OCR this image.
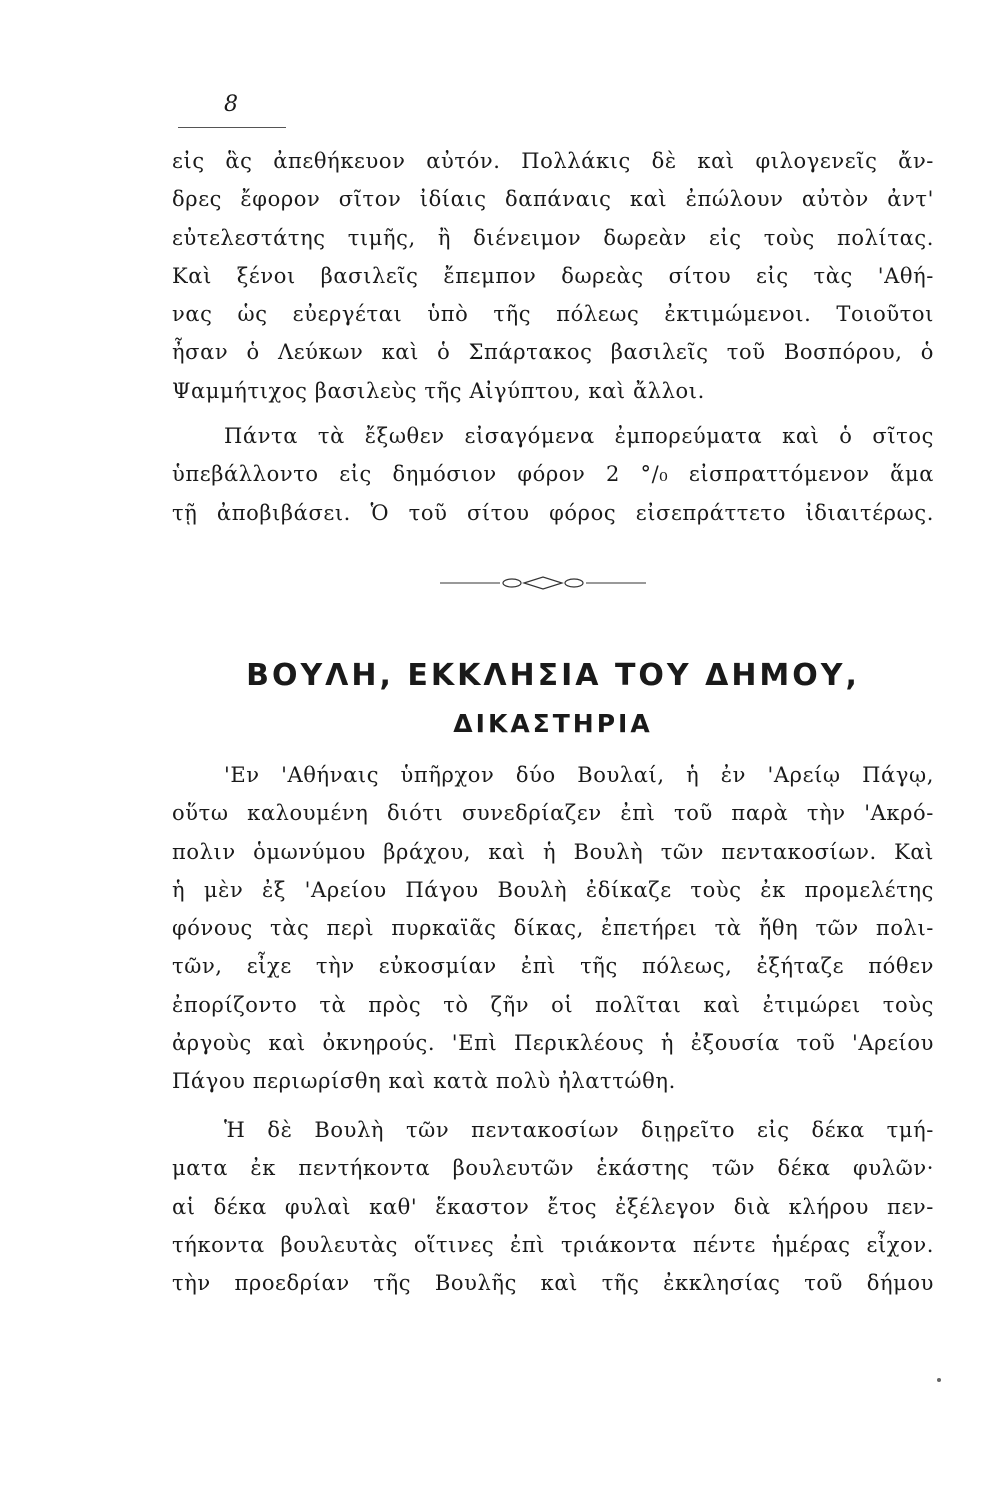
8
εἰς ἃς ἀπεθήκευον αὐτόν. Πολλάκις δὲ καὶ φιλογενεῖς ἄν-
δρες ἔφορον σῖτον ἰδίαις δαπάναις καὶ ἐπώλουν αὐτὸν ἀντ'
εὐτελεστάτης τιμῆς, ἢ διένειμον δωρεὰν εἰς τοὺς πολίτας.
Καὶ ξένοι βασιλεῖς ἔπεμπον δωρεὰς σίτου εἰς τὰς 'Αθή-
νας ὡς εὐεργέται ὑπὸ τῆς πόλεως ἐκτιμώμενοι. Τοιοῦτοι
ἦσαν ὁ Λεύκων καὶ ὁ Σπάρτακος βασιλεῖς τοῦ Βοσπόρου, ὁ
Ψαμμήτιχος βασιλεὺς τῆς Αἰγύπτου, καὶ ἄλλοι.
Πάντα τὰ ἔξωθεν εἰσαγόμενα ἐμπορεύματα καὶ ὁ σῖτος
ὑπεβάλλοντο εἰς δημόσιον φόρον 2 °/₀ εἰσπραττόμενον ἅμα
τῇ ἀποβιβάσει. Ὁ τοῦ σίτου φόρος εἰσεπράττετο ἰδιαιτέρως.
ΒΟΥΛΗ, ΕΚΚΛΗΣΙΑ ΤΟΥ ΔΗΜΟΥ,
ΔΙΚΑΣΤΗΡΙΑ
'Εν 'Αθήναις ὑπῆρχον δύο Βουλαί, ἡ ἐν 'Αρείῳ Πάγῳ,
οὕτω καλουμένη διότι συνεδρίαζεν ἐπὶ τοῦ παρὰ τὴν 'Ακρό-
πολιν ὁμωνύμου βράχου, καὶ ἡ Βουλὴ τῶν πεντακοσίων. Καὶ
ἡ μὲν ἐξ 'Αρείου Πάγου Βουλὴ ἐδίκαζε τοὺς ἐκ προμελέτης
φόνους τὰς περὶ πυρκαϊᾶς δίκας, ἐπετήρει τὰ ἤθη τῶν πολι-
τῶν, εἶχε τὴν εὐκοσμίαν ἐπὶ τῆς πόλεως, ἐξήταζε πόθεν
ἐπορίζοντο τὰ πρὸς τὸ ζῆν οἱ πολῖται καὶ ἐτιμώρει τοὺς
ἀργοὺς καὶ ὀκνηρούς. 'Επὶ Περικλέους ἡ ἐξουσία τοῦ 'Αρείου
Πάγου περιωρίσθη καὶ κατὰ πολὺ ἠλαττώθη.
Ἡ δὲ Βουλὴ τῶν πεντακοσίων διῃρεῖτο εἰς δέκα τμή-
ματα ἐκ πεντήκοντα βουλευτῶν ἑκάστης τῶν δέκα φυλῶν·
αἱ δέκα φυλαὶ καθ' ἕκαστον ἔτος ἐξέλεγον διὰ κλήρου πεν-
τήκοντα βουλευτὰς οἵτινες ἐπὶ τριάκοντα πέντε ἡμέρας εἶχον.
τὴν προεδρίαν τῆς Βουλῆς καὶ τῆς ἐκκλησίας τοῦ δήμου
